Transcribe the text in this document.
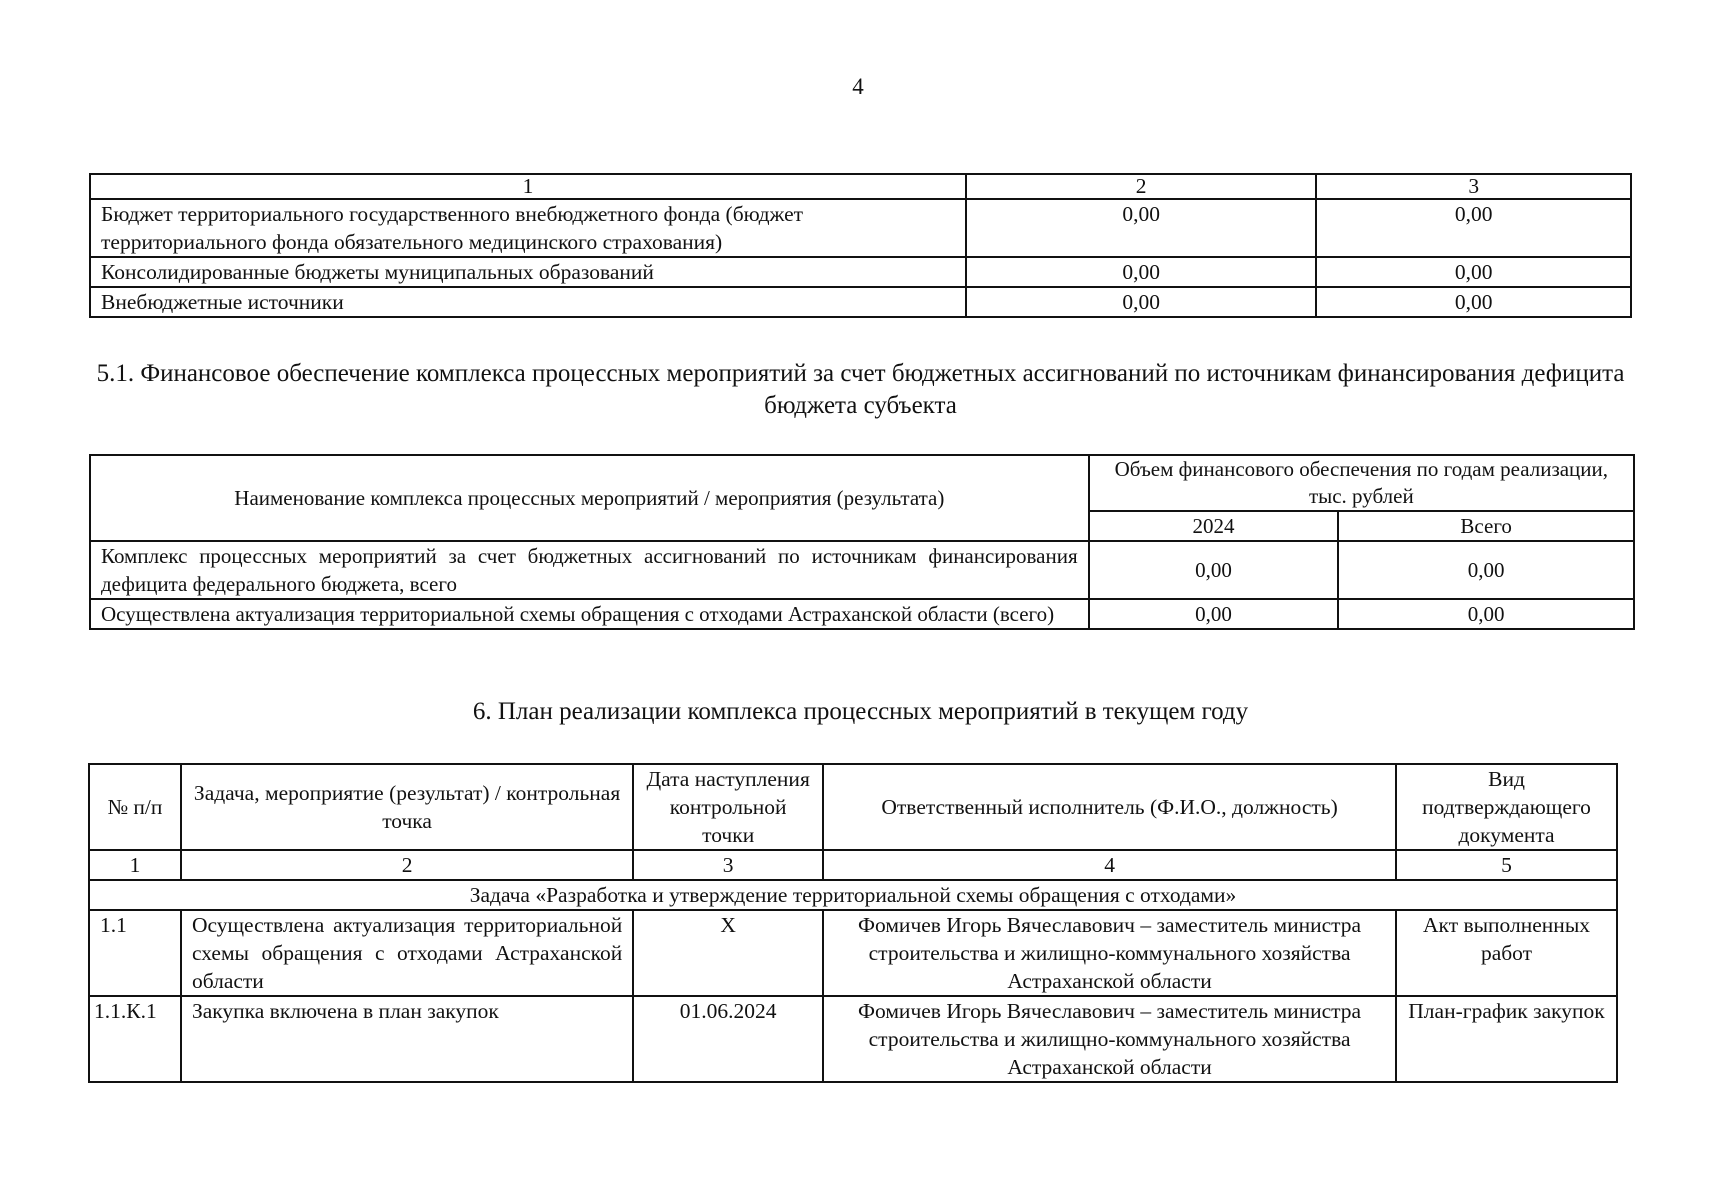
4
1	2	3
Бюджет территориального государственного внебюджетного фонда (бюджет территориального фонда обязательного медицинского страхования)	0,00	0,00
Консолидированные бюджеты муниципальных образований	0,00	0,00
Внебюджетные источники	0,00	0,00
5.1. Финансовое обеспечение комплекса процессных мероприятий за счет бюджетных ассигнований по источникам финансирования дефицита бюджета субъекта
Наименование комплекса процессных мероприятий / мероприятия (результата)	Объем финансового обеспечения по годам реализации, тыс. рублей	
	2024	Всего
Комплекс процессных мероприятий за счет бюджетных ассигнований по источникам финансирования дефицита федерального бюджета, всего	0,00	0,00
Осуществлена актуализация территориальной схемы обращения с отходами Астраханской области (всего)	0,00	0,00
6. План реализации комплекса процессных мероприятий в текущем году
№ п/п	Задача, мероприятие (результат) / контрольная точка	Дата наступления контрольной точки	Ответственный исполнитель (Ф.И.О., должность)	Вид подтверждающего документа
1	2	3	4	5
Задача «Разработка и утверждение территориальной схемы обращения с отходами»				
1.1	Осуществлена актуализация территориальной схемы обращения с отходами Астраханской области	Х	Фомичев Игорь Вячеславович – заместитель министра строительства и жилищно-коммунального хозяйства Астраханской области	Акт выполненных работ
1.1.К.1	Закупка включена в план закупок	01.06.2024	Фомичев Игорь Вячеславович – заместитель министра строительства и жилищно-коммунального хозяйства Астраханской области	План-график закупок
